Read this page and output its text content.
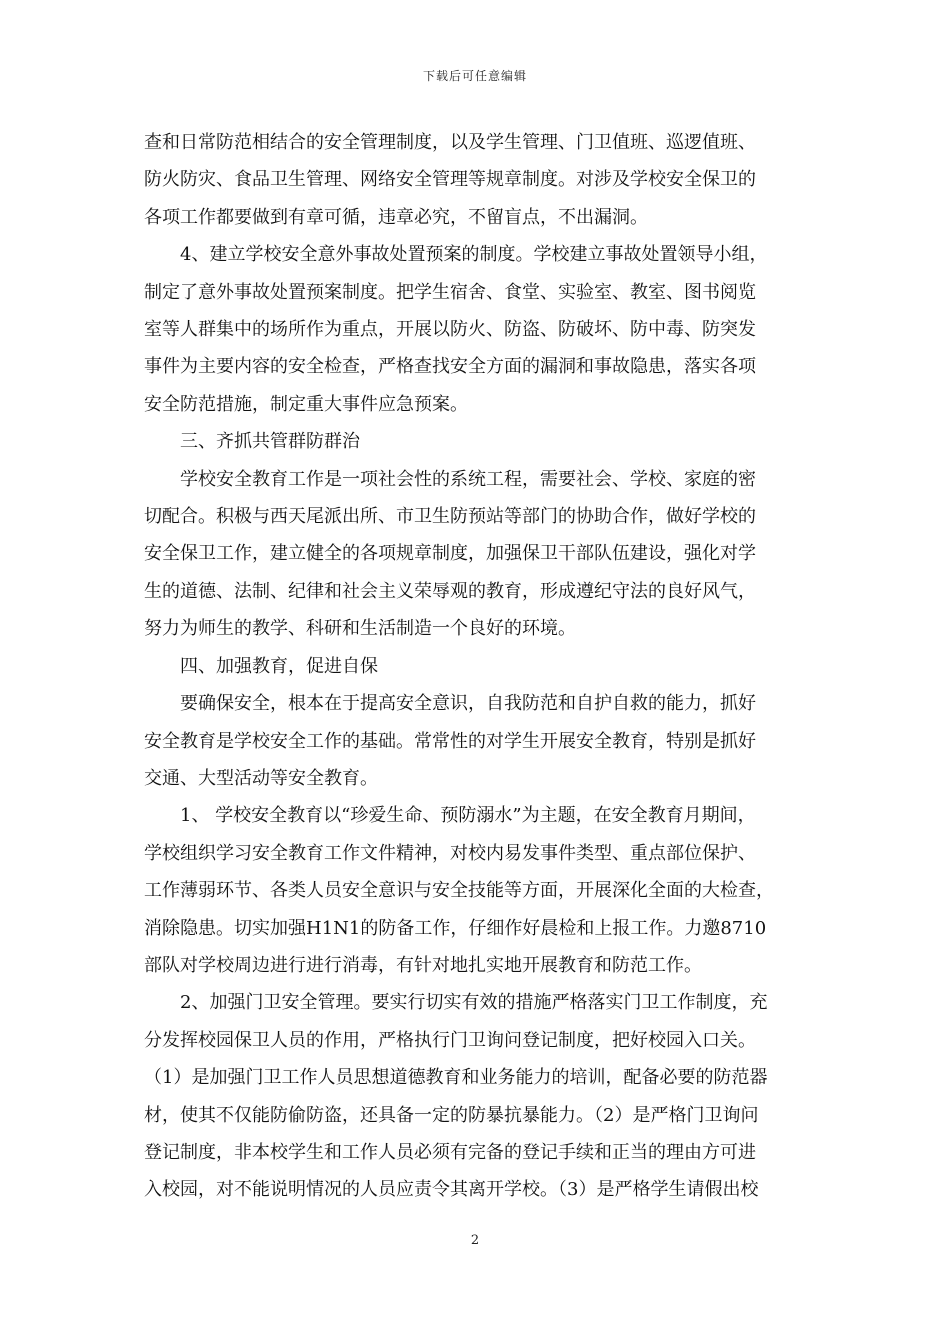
下载后可任意编辑

查和日常防范相结合的安全管理制度，以及学生管理、门卫值班、巡逻值班、

防火防灾、食品卫生管理、网络安全管理等规章制度。对涉及学校安全保卫的

各项工作都要做到有章可循，违章必究，不留盲点，不出漏洞。

4、建立学校安全意外事故处置预案的制度。学校建立事故处置领导小组，

制定了意外事故处置预案制度。把学生宿舍、食堂、实验室、教室、图书阅览

室等人群集中的场所作为重点，开展以防火、防盗、防破坏、防中毒、防突发

事件为主要内容的安全检查，严格查找安全方面的漏洞和事故隐患，落实各项

安全防范措施，制定重大事件应急预案。

三、齐抓共管群防群治

学校安全教育工作是一项社会性的系统工程，需要社会、学校、家庭的密

切配合。积极与西天尾派出所、市卫生防预站等部门的协助合作，做好学校的

安全保卫工作，建立健全的各项规章制度，加强保卫干部队伍建设，强化对学

生的道德、法制、纪律和社会主义荣辱观的教育，形成遵纪守法的良好风气，

努力为师生的教学、科研和生活制造一个良好的环境。

四、加强教育，促进自保

要确保安全，根本在于提高安全意识，自我防范和自护自救的能力，抓好

安全教育是学校安全工作的基础。常常性的对学生开展安全教育，特别是抓好

交通、大型活动等安全教育。

1、 学校安全教育以“珍爱生命、预防溺水”为主题，在安全教育月期间，

学校组织学习安全教育工作文件精神，对校内易发事件类型、重点部位保护、

工作薄弱环节、各类人员安全意识与安全技能等方面，开展深化全面的大检查，

消除隐患。切实加强H1N1的防备工作，仔细作好晨检和上报工作。力邀8710

部队对学校周边进行进行消毒，有针对地扎实地开展教育和防范工作。

2、加强门卫安全管理。要实行切实有效的措施严格落实门卫工作制度，充

分发挥校园保卫人员的作用，严格执行门卫询问登记制度，把好校园入口关。

（1）是加强门卫工作人员思想道德教育和业务能力的培训，配备必要的防范器

材，使其不仅能防偷防盗，还具备一定的防暴抗暴能力。（2）是严格门卫询问

登记制度，非本校学生和工作人员必须有完备的登记手续和正当的理由方可进

入校园，对不能说明情况的人员应责令其离开学校。（3）是严格学生请假出校

2
